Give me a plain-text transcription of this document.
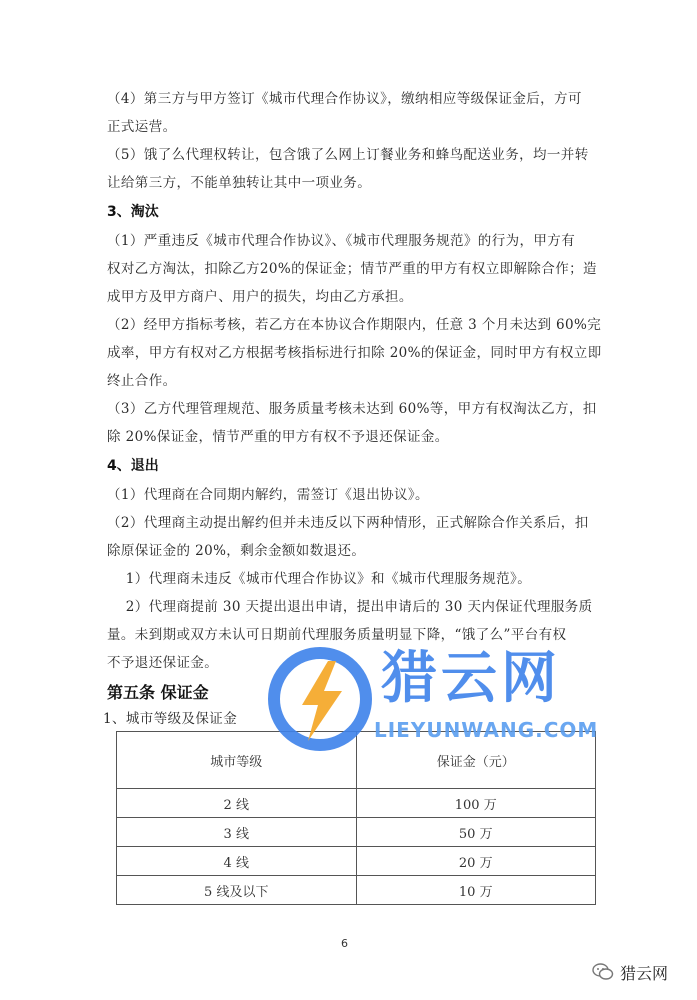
（4）第三方与甲方签订《城市代理合作协议》，缴纳相应等级保证金后，方可
正式运营。

（5）饿了么代理权转让，包含饿了么网上订餐业务和蜂鸟配送业务，均一并转
让给第三方，不能单独转让其中一项业务。

3、淘汰

（1）严重违反《城市代理合作协议》、《城市代理服务规范》的行为，甲方有
权对乙方淘汰，扣除乙方20%的保证金；情节严重的甲方有权立即解除合作；造
成甲方及甲方商户、用户的损失，均由乙方承担。

（2）经甲方指标考核，若乙方在本协议合作期限内，任意 3 个月未达到 60%完
成率，甲方有权对乙方根据考核指标进行扣除 20%的保证金，同时甲方有权立即
终止合作。

（3）乙方代理管理规范、服务质量考核未达到 60%等，甲方有权淘汰乙方，扣
除 20%保证金，情节严重的甲方有权不予退还保证金。

4、退出

（1）代理商在合同期内解约，需签订《退出协议》。

（2）代理商主动提出解约但并未违反以下两种情形，正式解除合作关系后，扣
除原保证金的 20%，剩余金额如数退还。

1）代理商未违反《城市代理合作协议》和《城市代理服务规范》。

2）代理商提前 30 天提出退出申请，提出申请后的 30 天内保证代理服务质
量。未到期或双方未认可日期前代理服务质量明显下降，“饿了么”平台有权
不予退还保证金。

第五条 保证金

1、城市等级及保证金

城市等级	保证金（元）
2 线	100 万
3 线	50 万
4 线	20 万
5 线及以下	10 万
猎云网
LIEYUNWANG.COM
6
猎云网
